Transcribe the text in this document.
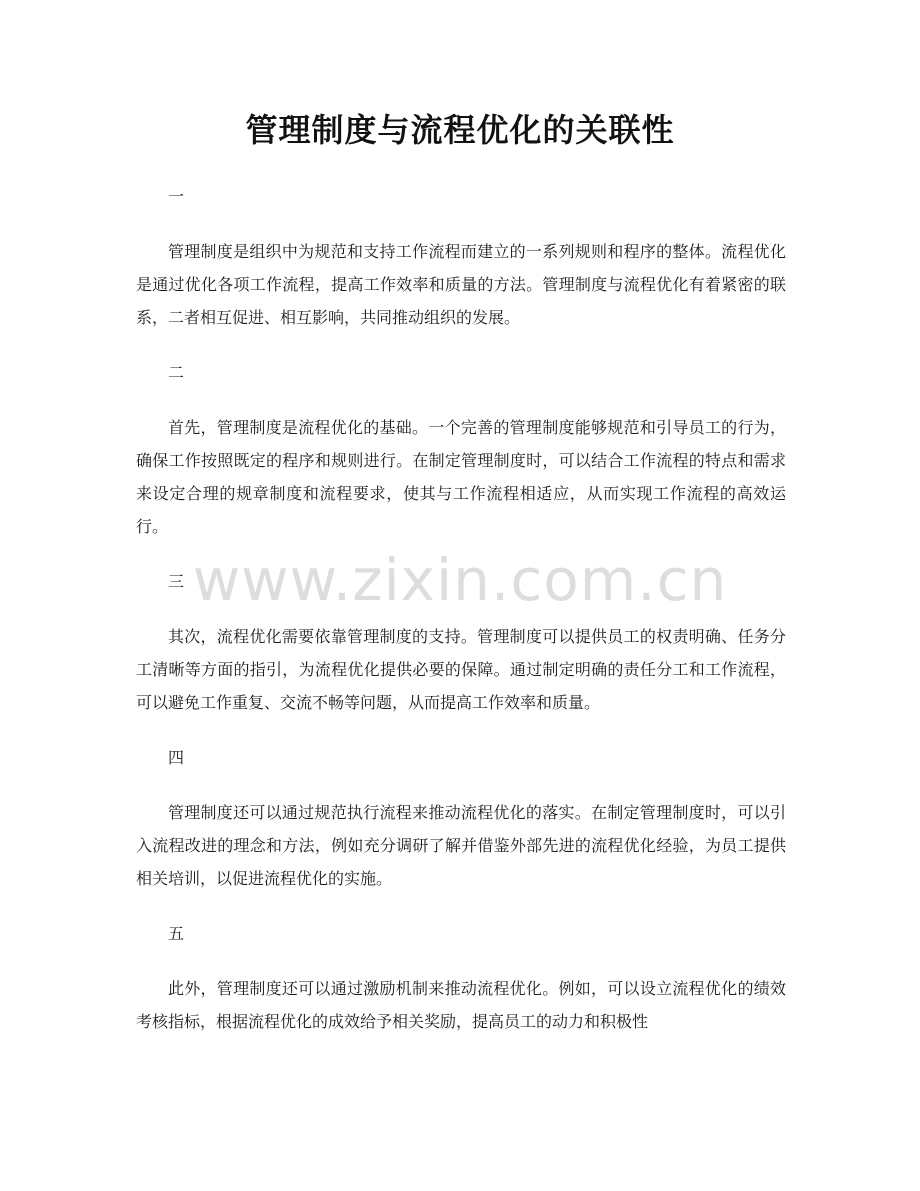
管理制度与流程优化的关联性

一

管理制度是组织中为规范和支持工作流程而建立的一系列规则和程序的整体。流程优化是通过优化各项工作流程，提高工作效率和质量的方法。管理制度与流程优化有着紧密的联系，二者相互促进、相互影响，共同推动组织的发展。

二

首先，管理制度是流程优化的基础。一个完善的管理制度能够规范和引导员工的行为，确保工作按照既定的程序和规则进行。在制定管理制度时，可以结合工作流程的特点和需求来设定合理的规章制度和流程要求，使其与工作流程相适应，从而实现工作流程的高效运行。

三

其次，流程优化需要依靠管理制度的支持。管理制度可以提供员工的权责明确、任务分工清晰等方面的指引，为流程优化提供必要的保障。通过制定明确的责任分工和工作流程，可以避免工作重复、交流不畅等问题，从而提高工作效率和质量。

四

管理制度还可以通过规范执行流程来推动流程优化的落实。在制定管理制度时，可以引入流程改进的理念和方法，例如充分调研了解并借鉴外部先进的流程优化经验，为员工提供相关培训，以促进流程优化的实施。

五

此外，管理制度还可以通过激励机制来推动流程优化。例如，可以设立流程优化的绩效考核指标，根据流程优化的成效给予相关奖励，提高员工的动力和积极性

www.zixin.com.cn
